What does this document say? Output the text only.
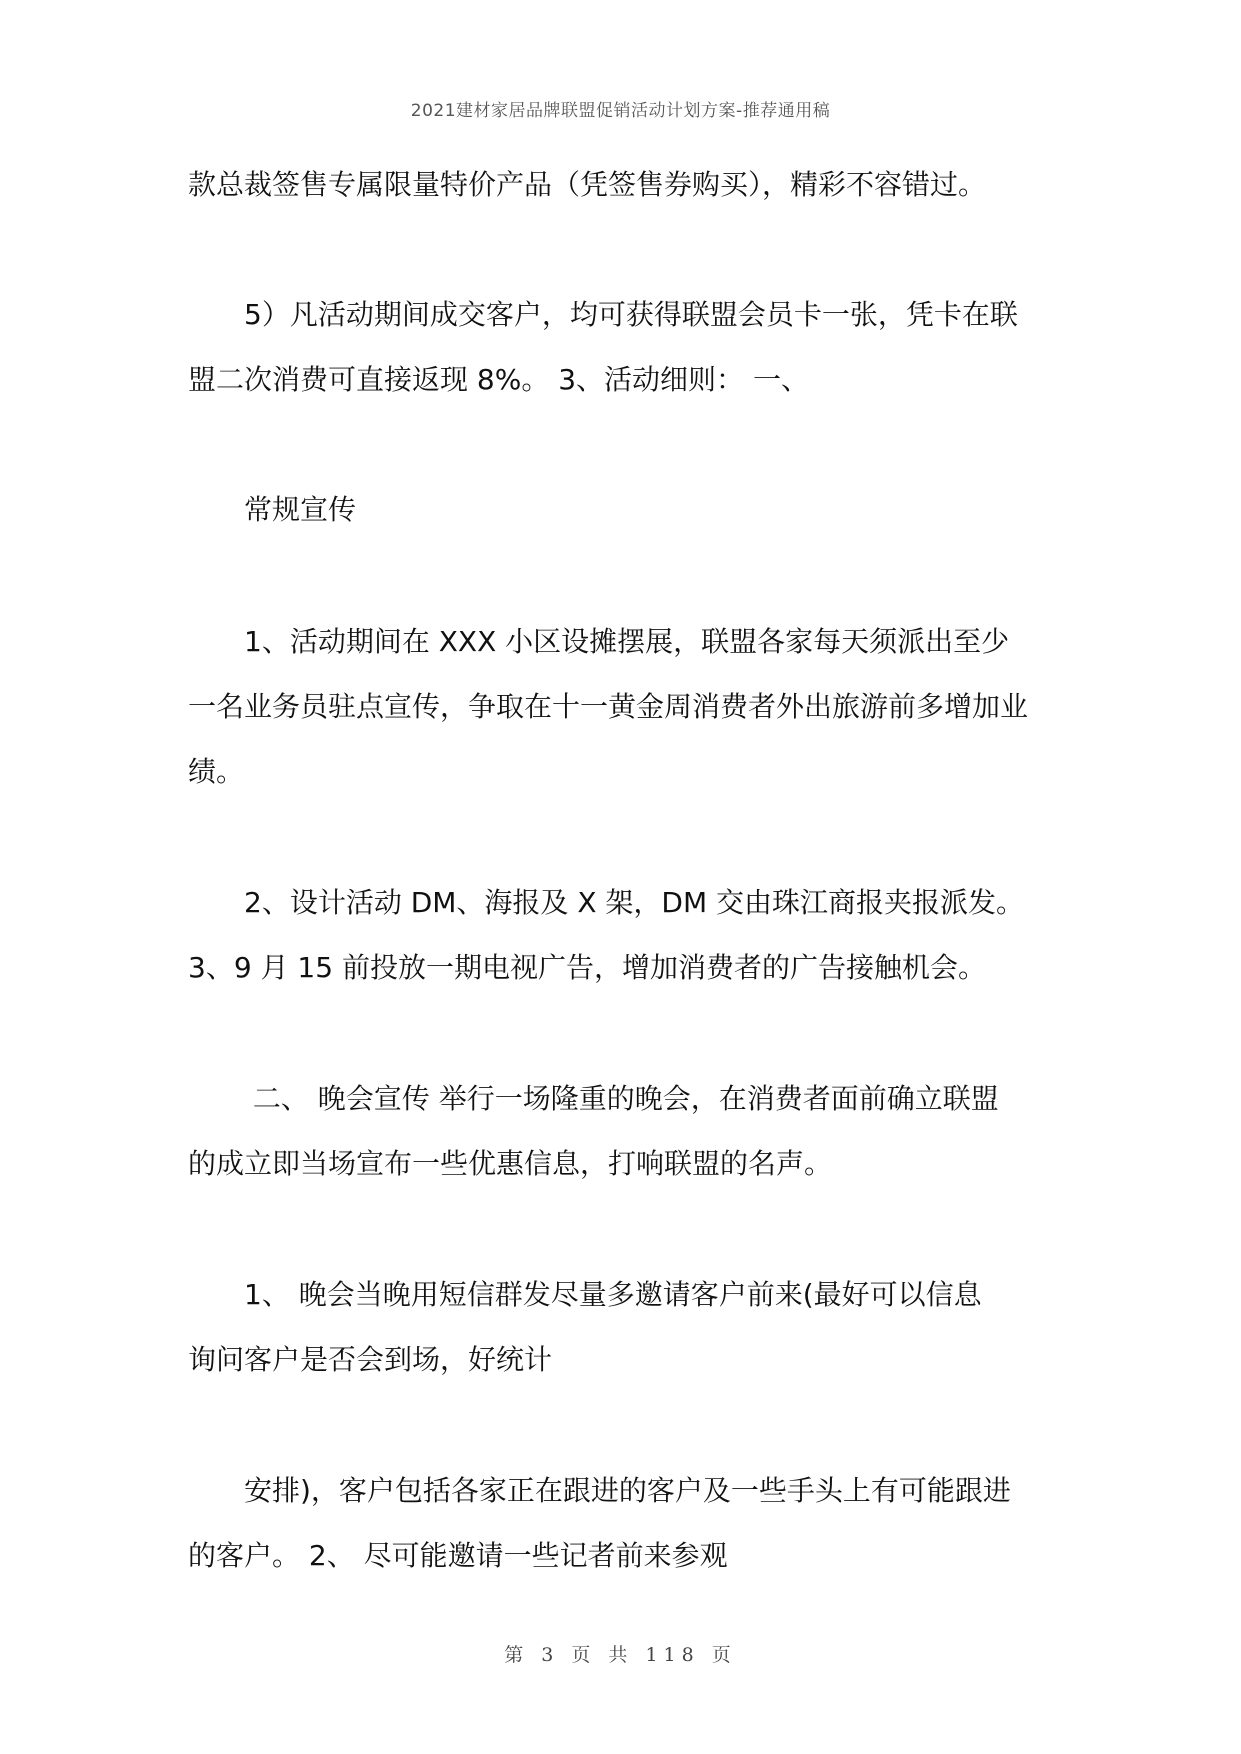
2021建材家居品牌联盟促销活动计划方案-推荐通用稿
款总裁签售专属限量特价产品（凭签售券购买），精彩不容错过。
　　5）凡活动期间成交客户，均可获得联盟会员卡一张，凭卡在联
盟二次消费可直接返现 8%。 3、活动细则： 一、
　　常规宣传
　　1、活动期间在 XXX 小区设摊摆展，联盟各家每天须派出至少
一名业务员驻点宣传，争取在十一黄金周消费者外出旅游前多增加业
绩。
　　2、设计活动 DM、海报及 X 架，DM 交由珠江商报夹报派发。
3、9 月 15 前投放一期电视广告，增加消费者的广告接触机会。
　　 二、 晚会宣传 举行一场隆重的晚会，在消费者面前确立联盟
的成立即当场宣布一些优惠信息，打响联盟的名声。
　　1、 晚会当晚用短信群发尽量多邀请客户前来(最好可以信息
询问客户是否会到场，好统计
　　安排)，客户包括各家正在跟进的客户及一些手头上有可能跟进
的客户。 2、 尽可能邀请一些记者前来参观
第 3 页 共 118 页
